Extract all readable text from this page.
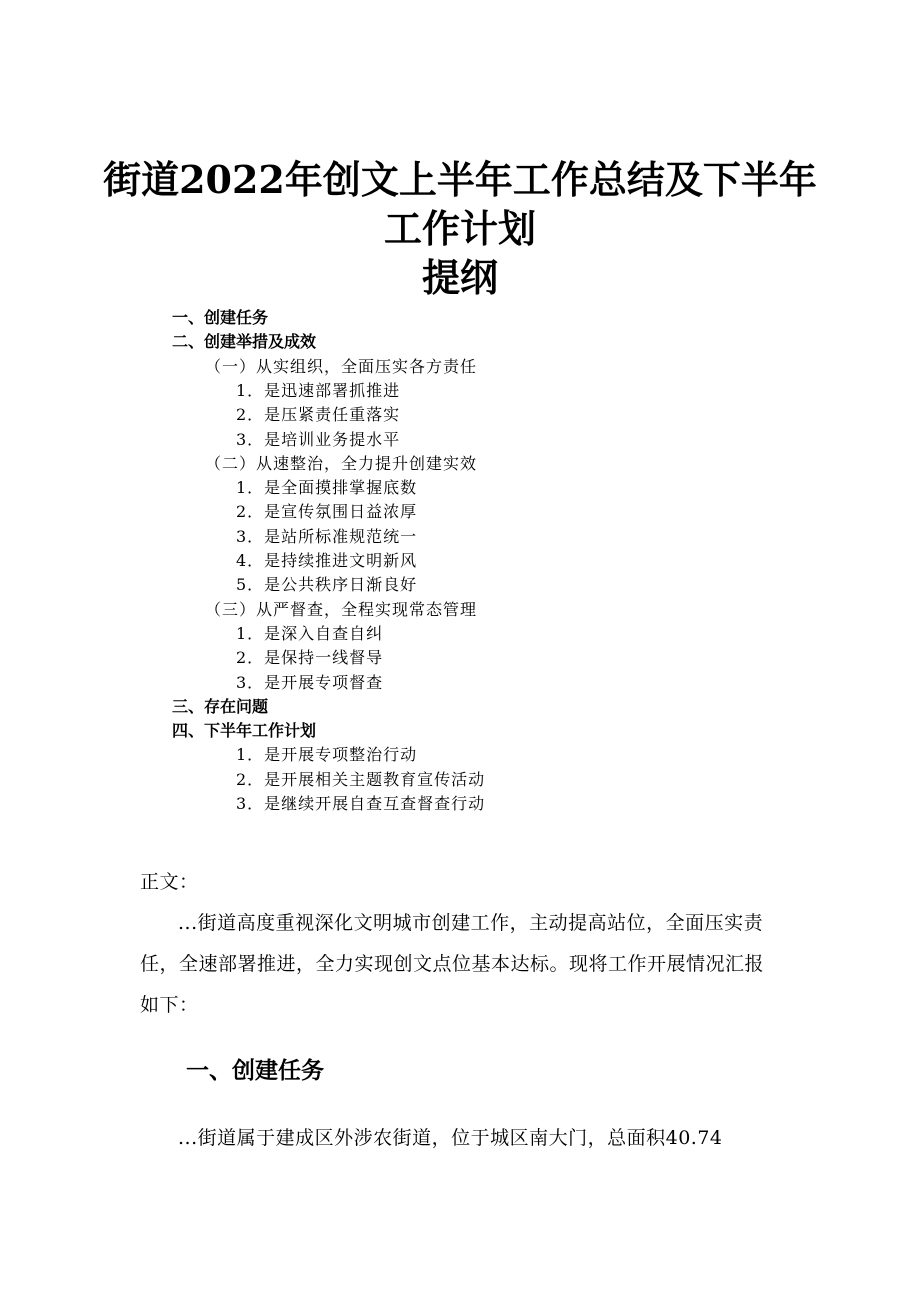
街道2022年创文上半年工作总结及下半年
工作计划
提纲
一、创建任务
二、创建举措及成效
（一）从实组织，全面压实各方责任
1．是迅速部署抓推进
2．是压紧责任重落实
3．是培训业务提水平
（二）从速整治，全力提升创建实效
1．是全面摸排掌握底数
2．是宣传氛围日益浓厚
3．是站所标准规范统一
4．是持续推进文明新风
5．是公共秩序日渐良好
（三）从严督查，全程实现常态管理
1．是深入自查自纠
2．是保持一线督导
3．是开展专项督查
三、存在问题
四、下半年工作计划
1．是开展专项整治行动
2．是开展相关主题教育宣传活动
3．是继续开展自查互查督查行动
正文：
...街道高度重视深化文明城市创建工作，主动提高站位，全面压实责任，全速部署推进，全力实现创文点位基本达标。现将工作开展情况汇报如下：
一、创建任务
...街道属于建成区外涉农街道，位于城区南大门，总面积40.74
